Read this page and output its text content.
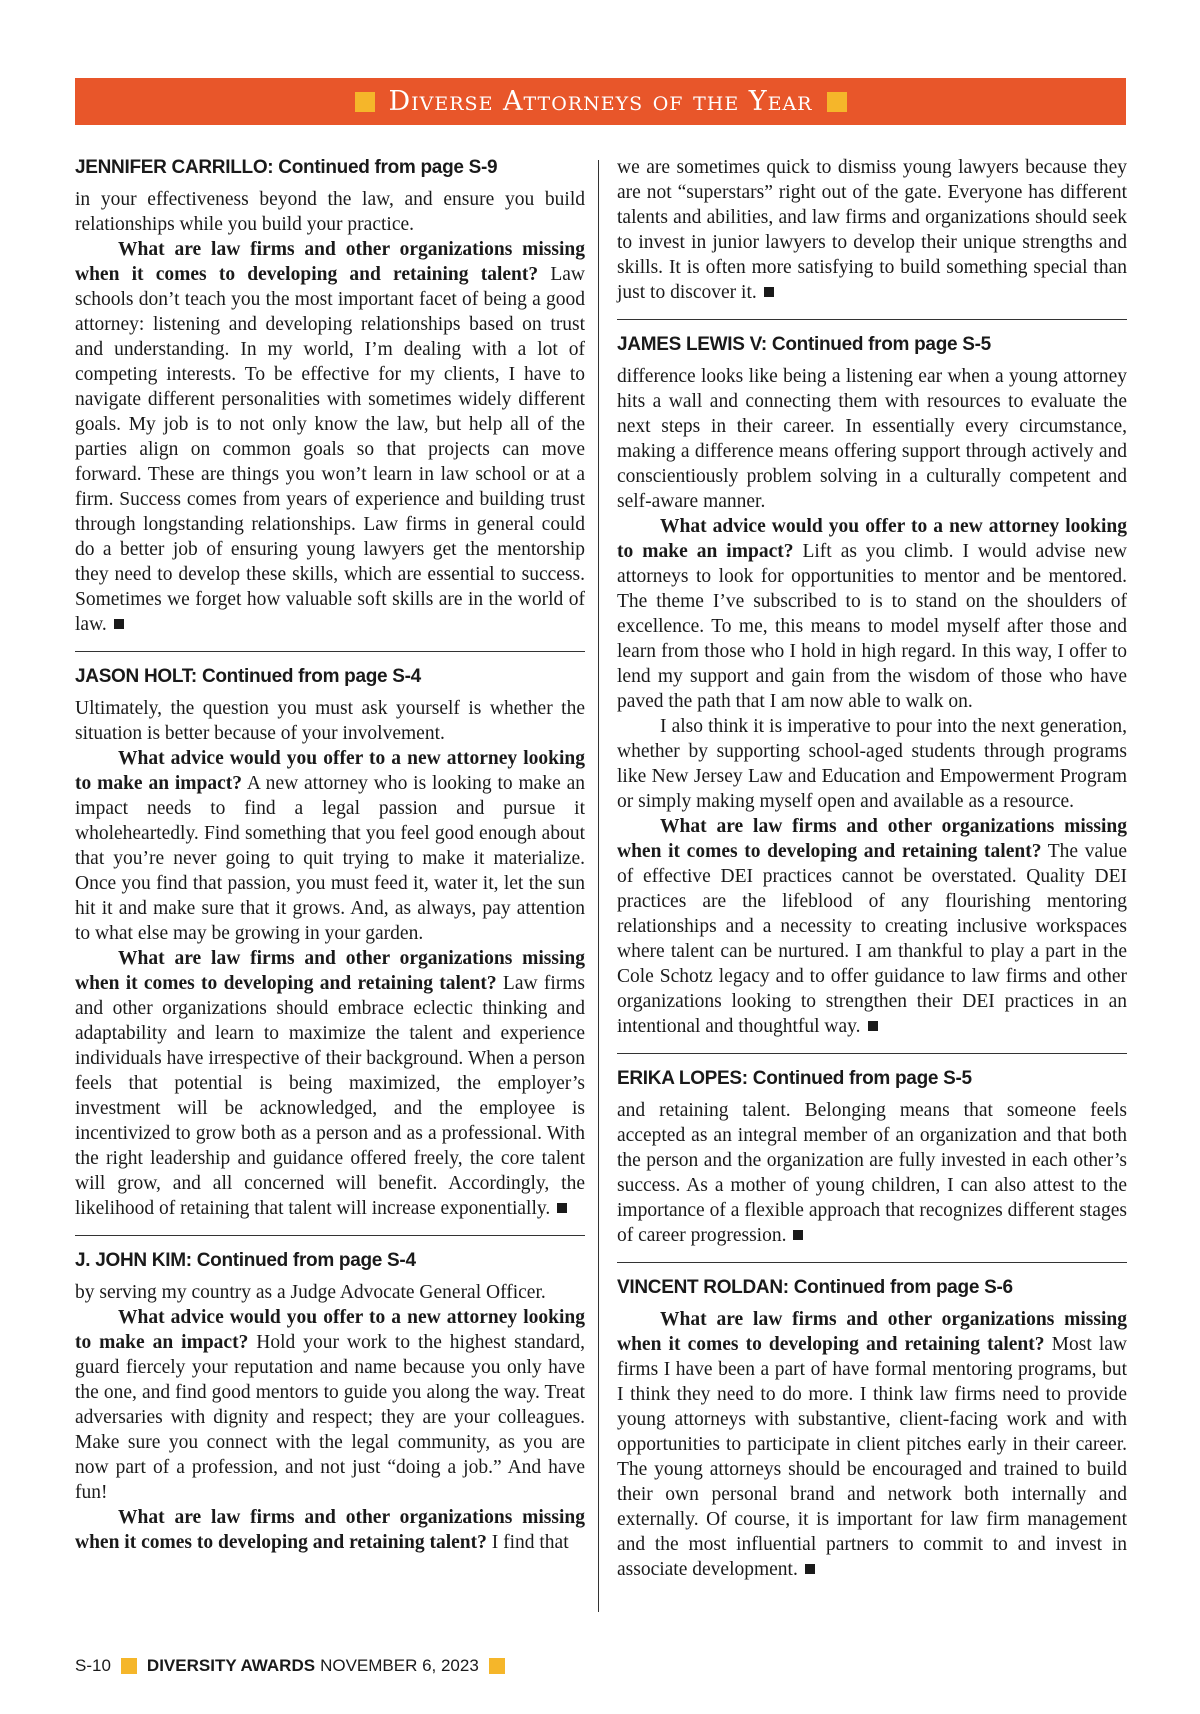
Diverse Attorneys of the Year
JENNIFER CARRILLO: Continued from page S-9

in your effectiveness beyond the law, and ensure you build relationships while you build your practice.

What are law firms and other organizations missing when it comes to developing and retaining talent? Law schools don’t teach you the most important facet of being a good attorney: listening and developing relationships based on trust and understanding. In my world, I’m dealing with a lot of competing interests. To be effective for my clients, I have to navigate different personalities with sometimes widely different goals. My job is to not only know the law, but help all of the parties align on common goals so that projects can move forward. These are things you won’t learn in law school or at a firm. Success comes from years of experience and building trust through longstanding relationships. Law firms in general could do a better job of ensuring young lawyers get the mentorship they need to develop these skills, which are essential to success. Sometimes we forget how valuable soft skills are in the world of law.

JASON HOLT: Continued from page S-4

Ultimately, the question you must ask yourself is whether the situation is better because of your involvement.

What advice would you offer to a new attorney looking to make an impact? A new attorney who is looking to make an impact needs to find a legal passion and pursue it wholeheartedly. Find something that you feel good enough about that you’re never going to quit trying to make it materialize. Once you find that passion, you must feed it, water it, let the sun hit it and make sure that it grows. And, as always, pay attention to what else may be growing in your garden.

What are law firms and other organizations missing when it comes to developing and retaining talent? Law firms and other organizations should embrace eclectic thinking and adaptability and learn to maximize the talent and experience individuals have irrespective of their background. When a person feels that potential is being maximized, the employer’s investment will be acknowledged, and the employee is incentivized to grow both as a person and as a professional. With the right leadership and guidance offered freely, the core talent will grow, and all concerned will benefit. Accordingly, the likelihood of retaining that talent will increase exponentially.

J. JOHN KIM: Continued from page S-4

by serving my country as a Judge Advocate General Officer.

What advice would you offer to a new attorney looking to make an impact? Hold your work to the highest standard, guard fiercely your reputation and name because you only have the one, and find good mentors to guide you along the way. Treat adversaries with dignity and respect; they are your colleagues. Make sure you connect with the legal community, as you are now part of a profession, and not just “doing a job.” And have fun!

What are law firms and other organizations missing when it comes to developing and retaining talent? I find that

we are sometimes quick to dismiss young lawyers because they are not “superstars” right out of the gate. Everyone has different talents and abilities, and law firms and organizations should seek to invest in junior lawyers to develop their unique strengths and skills. It is often more satisfying to build something special than just to discover it.

JAMES LEWIS V: Continued from page S-5

difference looks like being a listening ear when a young attorney hits a wall and connecting them with resources to evaluate the next steps in their career. In essentially every circumstance, making a difference means offering support through actively and conscientiously problem solving in a culturally competent and self-aware manner.

What advice would you offer to a new attorney looking to make an impact? Lift as you climb. I would advise new attorneys to look for opportunities to mentor and be mentored. The theme I’ve subscribed to is to stand on the shoulders of excellence. To me, this means to model myself after those and learn from those who I hold in high regard. In this way, I offer to lend my support and gain from the wisdom of those who have paved the path that I am now able to walk on.

I also think it is imperative to pour into the next generation, whether by supporting school-aged students through programs like New Jersey Law and Education and Empowerment Program or simply making myself open and available as a resource.

What are law firms and other organizations missing when it comes to developing and retaining talent? The value of effective DEI practices cannot be overstated. Quality DEI practices are the lifeblood of any flourishing mentoring relationships and a necessity to creating inclusive workspaces where talent can be nurtured. I am thankful to play a part in the Cole Schotz legacy and to offer guidance to law firms and other organizations looking to strengthen their DEI practices in an intentional and thoughtful way.

ERIKA LOPES: Continued from page S-5

and retaining talent. Belonging means that someone feels accepted as an integral member of an organization and that both the person and the organization are fully invested in each other’s success. As a mother of young children, I can also attest to the importance of a flexible approach that recognizes different stages of career progression.

VINCENT ROLDAN: Continued from page S-6

What are law firms and other organizations missing when it comes to developing and retaining talent? Most law firms I have been a part of have formal mentoring programs, but I think they need to do more. I think law firms need to provide young attorneys with substantive, client-facing work and with opportunities to participate in client pitches early in their career. The young attorneys should be encouraged and trained to build their own personal brand and network both internally and externally. Of course, it is important for law firm management and the most influential partners to commit to and invest in associate development.

S-10 DIVERSITY AWARDS NOVEMBER 6, 2023
